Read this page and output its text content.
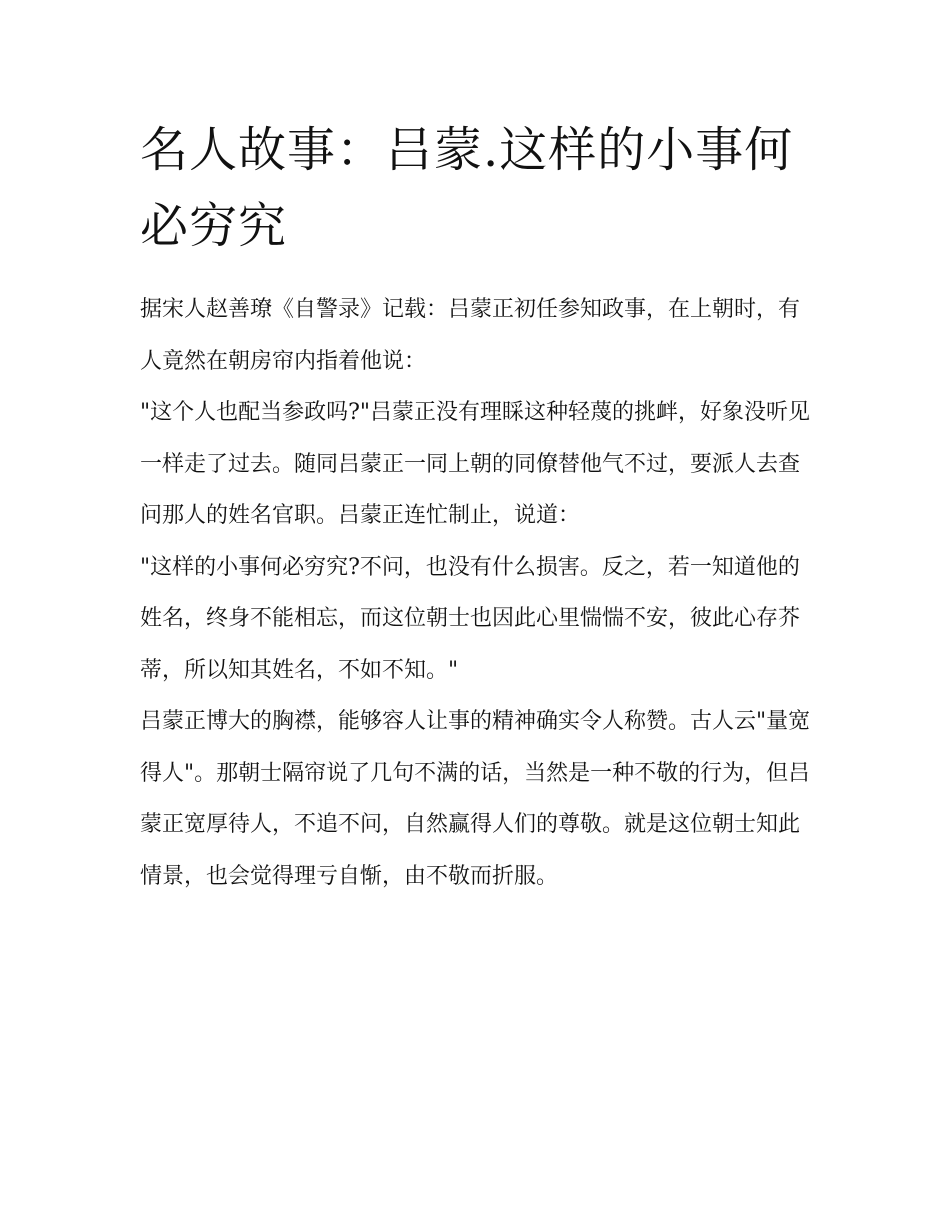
名人故事：吕蒙.这样的小事何必穷究

据宋人赵善璙《自警录》记载：吕蒙正初任参知政事，在上朝时，有人竟然在朝房帘内指着他说：

"这个人也配当参政吗?"吕蒙正没有理睬这种轻蔑的挑衅，好象没听见一样走了过去。随同吕蒙正一同上朝的同僚替他气不过，要派人去查问那人的姓名官职。吕蒙正连忙制止，说道：

"这样的小事何必穷究?不问，也没有什么损害。反之，若一知道他的姓名，终身不能相忘，而这位朝士也因此心里惴惴不安，彼此心存芥蒂，所以知其姓名，不如不知。"

吕蒙正博大的胸襟，能够容人让事的精神确实令人称赞。古人云"量宽得人"。那朝士隔帘说了几句不满的话，当然是一种不敬的行为，但吕蒙正宽厚待人，不追不问，自然赢得人们的尊敬。就是这位朝士知此情景，也会觉得理亏自惭，由不敬而折服。
